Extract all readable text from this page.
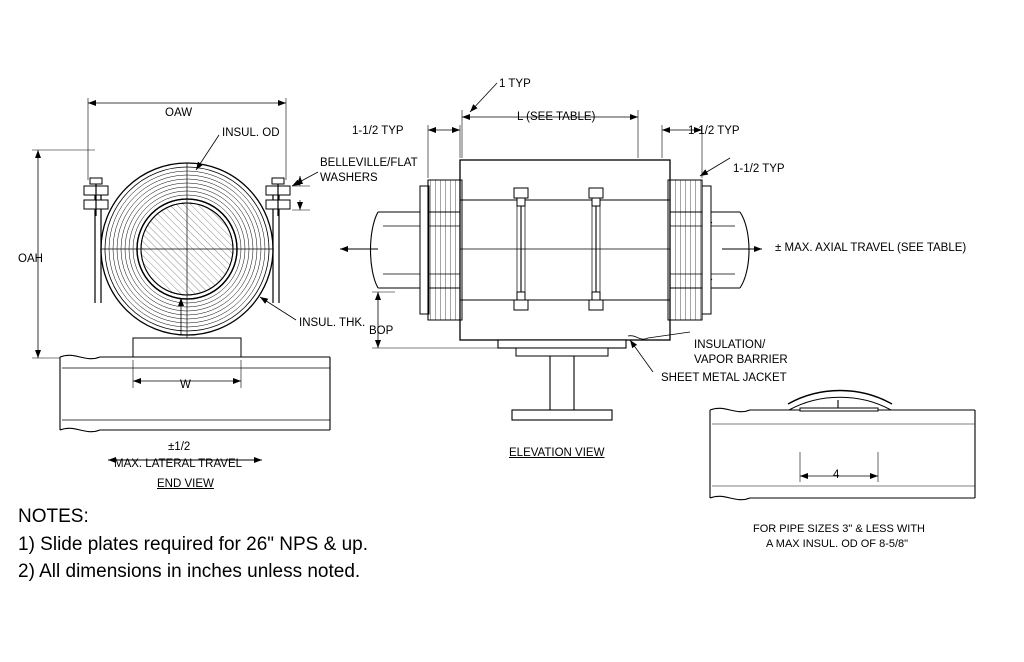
OAW
OAH
W
INSUL. OD
INSUL. THK.
BELLEVILLE/FLAT
WASHERS
±1/2
MAX. LATERAL TRAVEL
END VIEW
1 TYP
1-1/2 TYP	1-1/2 TYP
1-1/2 TYP
L (SEE TABLE)
BOP
± MAX. AXIAL TRAVEL (SEE TABLE)
INSULATION/
VAPOR BARRIER
SHEET METAL JACKET
ELEVATION VIEW
4
FOR PIPE SIZES 3" & LESS WITH
A MAX INSUL. OD OF 8-5/8"
NOTES:
1) Slide plates required for 26" NPS & up.
2) All dimensions in inches unless noted.
